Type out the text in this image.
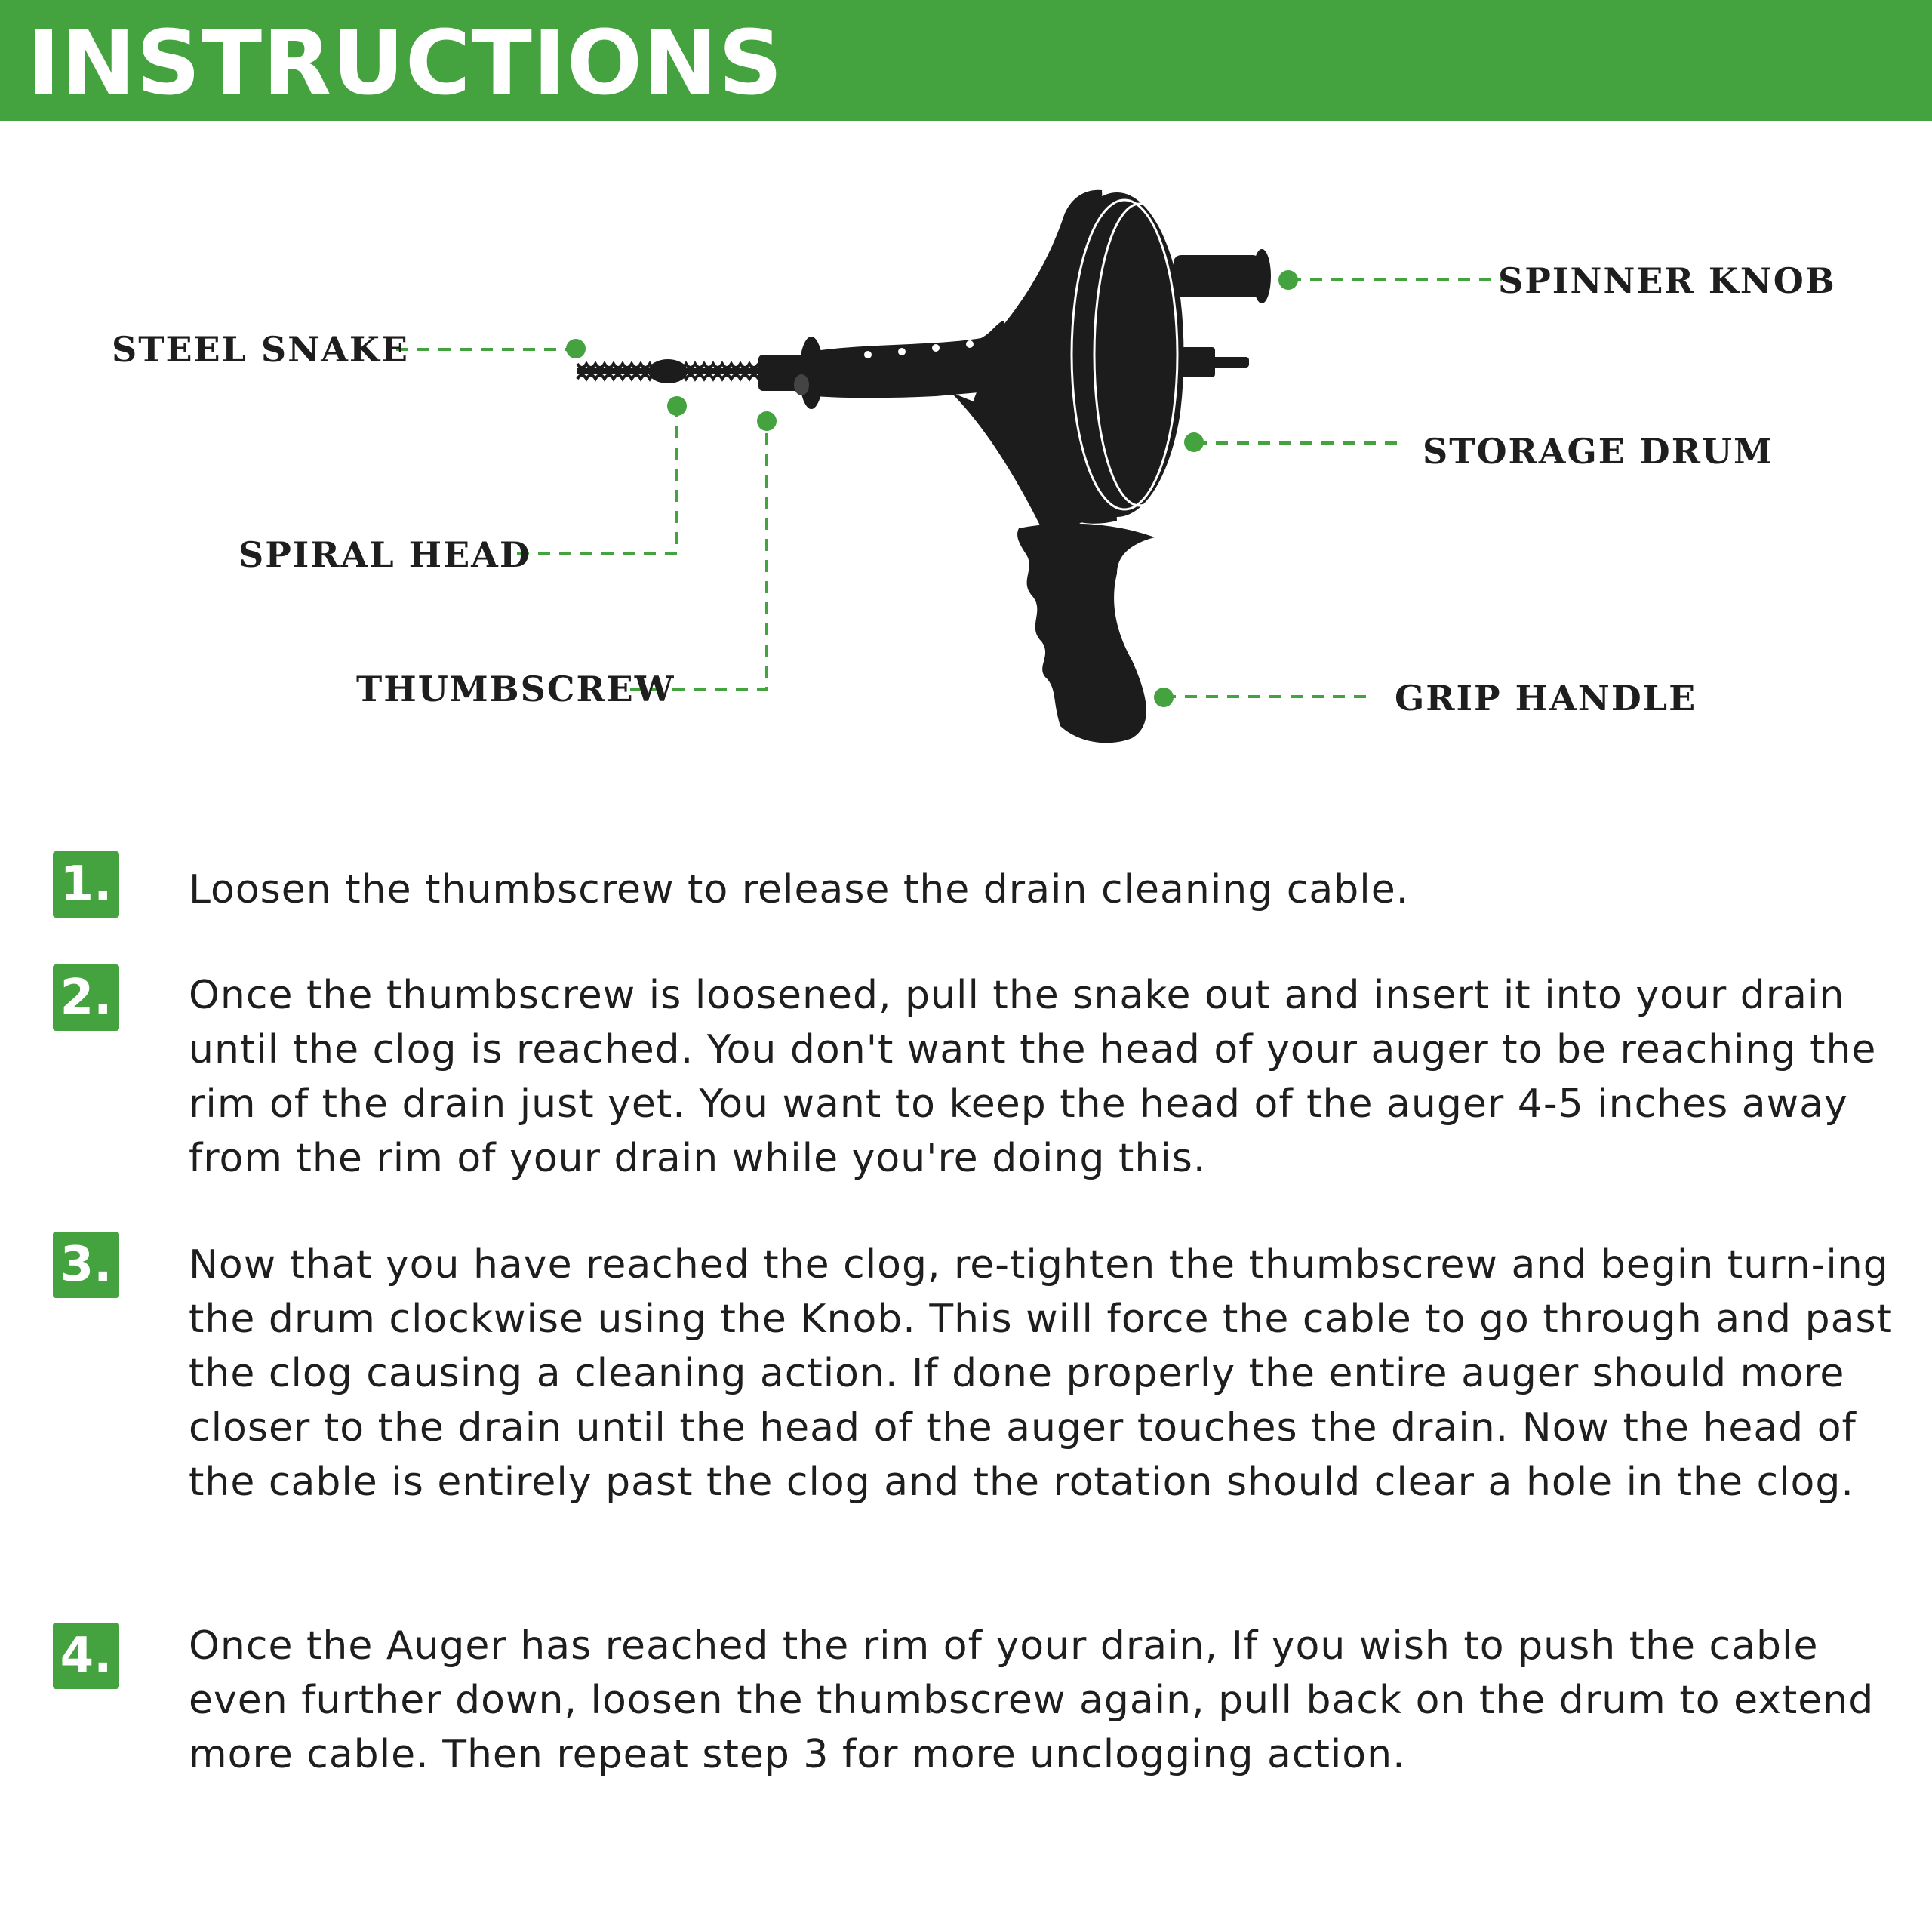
INSTRUCTIONS
STEEL SNAKE
SPIRAL HEAD
THUMBSCREW
SPINNER KNOB
STORAGE DRUM
GRIP HANDLE
1. Loosen the thumbscrew to release the drain cleaning cable.

2. Once the thumbscrew is loosened, pull the snake out and insert it into your drain until the clog is reached. You don't want the head of your auger to be reaching the rim of the drain just yet. You want to keep the head of the auger 4-5 inches away from the rim of your drain while you're doing this.

3. Now that you have reached the clog, re-tighten the thumbscrew and begin turn-ing the drum clockwise using the Knob. This will force the cable to go through and past the clog causing a cleaning action. If done properly the entire auger should more closer to the drain until the head of the auger touches the drain. Now the head of the cable is entirely past the clog and the rotation should clear a hole in the clog.

4. Once the Auger has reached the rim of your drain, If you wish to push the cable even further down, loosen the thumbscrew again, pull back on the drum to extend more cable. Then repeat step 3 for more unclogging action.
